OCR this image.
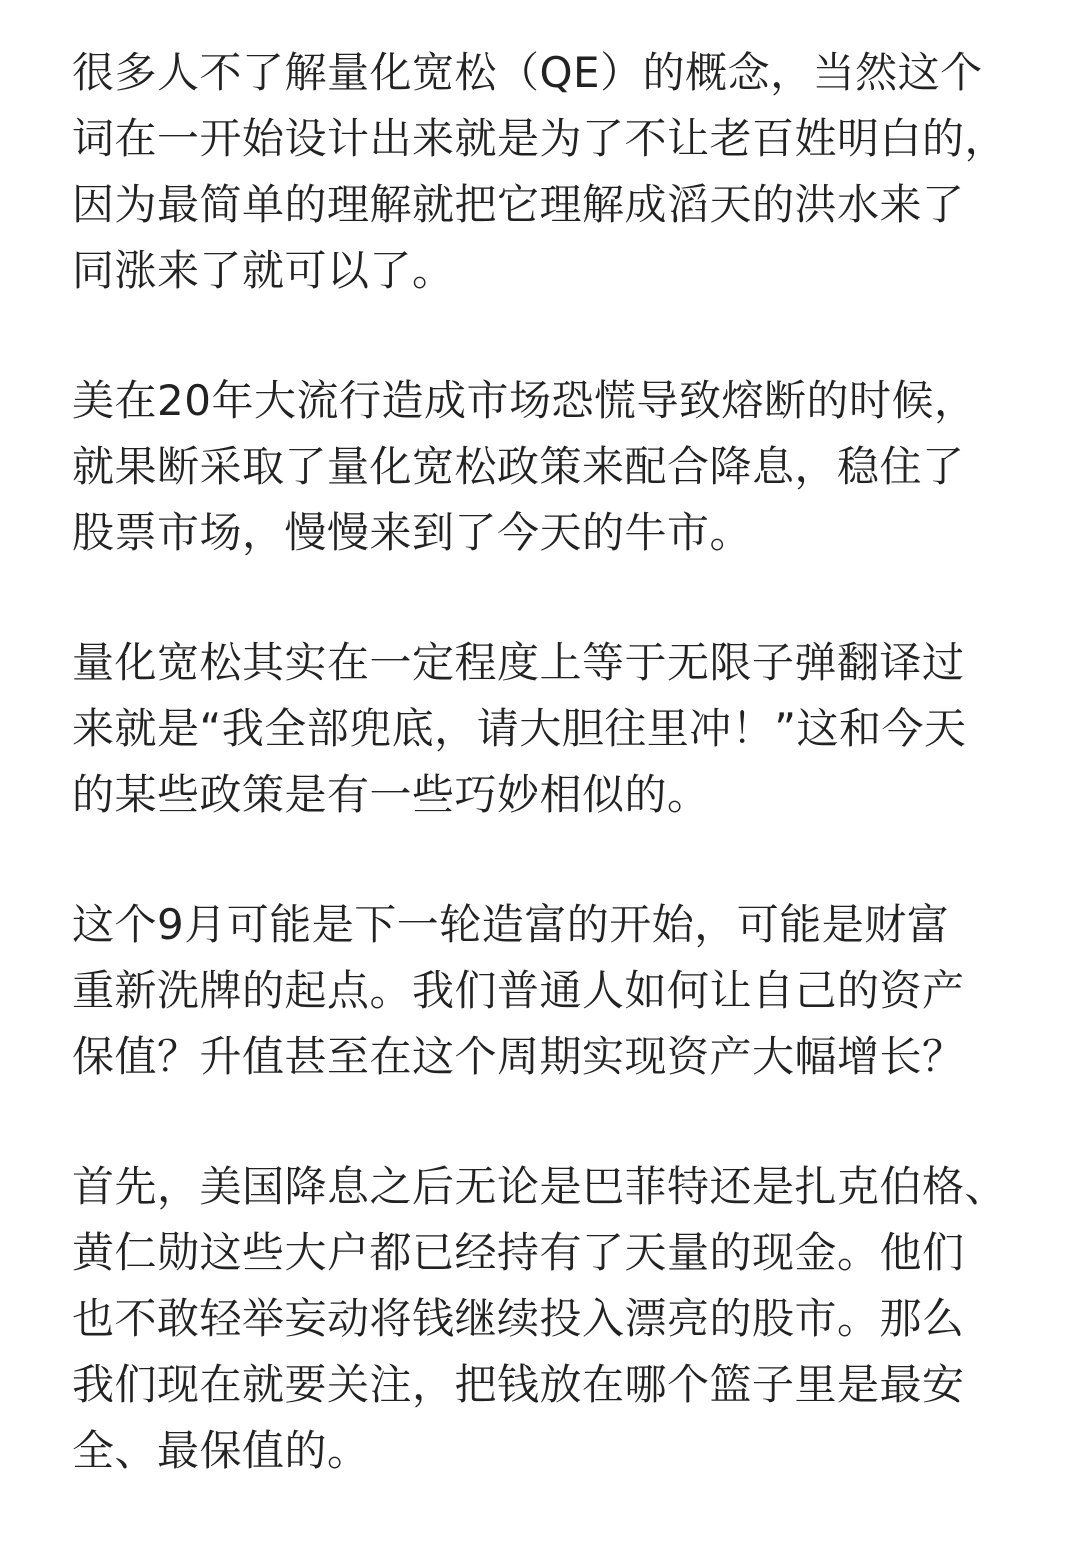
很多人不了解量化宽松（QE）的概念，当然这个
词在一开始设计出来就是为了不让老百姓明白的，
因为最简单的理解就把它理解成滔天的洪水来了
同涨来了就可以了。
美在20年大流行造成市场恐慌导致熔断的时候，
就果断采取了量化宽松政策来配合降息，稳住了
股票市场，慢慢来到了今天的牛市。
量化宽松其实在一定程度上等于无限子弹翻译过
来就是“我全部兜底，请大胆往里冲！”这和今天
的某些政策是有一些巧妙相似的。
这个9月可能是下一轮造富的开始，可能是财富
重新洗牌的起点。我们普通人如何让自己的资产
保值？升值甚至在这个周期实现资产大幅增长？
首先，美国降息之后无论是巴菲特还是扎克伯格、
黄仁勋这些大户都已经持有了天量的现金。他们
也不敢轻举妄动将钱继续投入漂亮的股市。那么
我们现在就要关注，把钱放在哪个篮子里是最安
全、最保值的。
